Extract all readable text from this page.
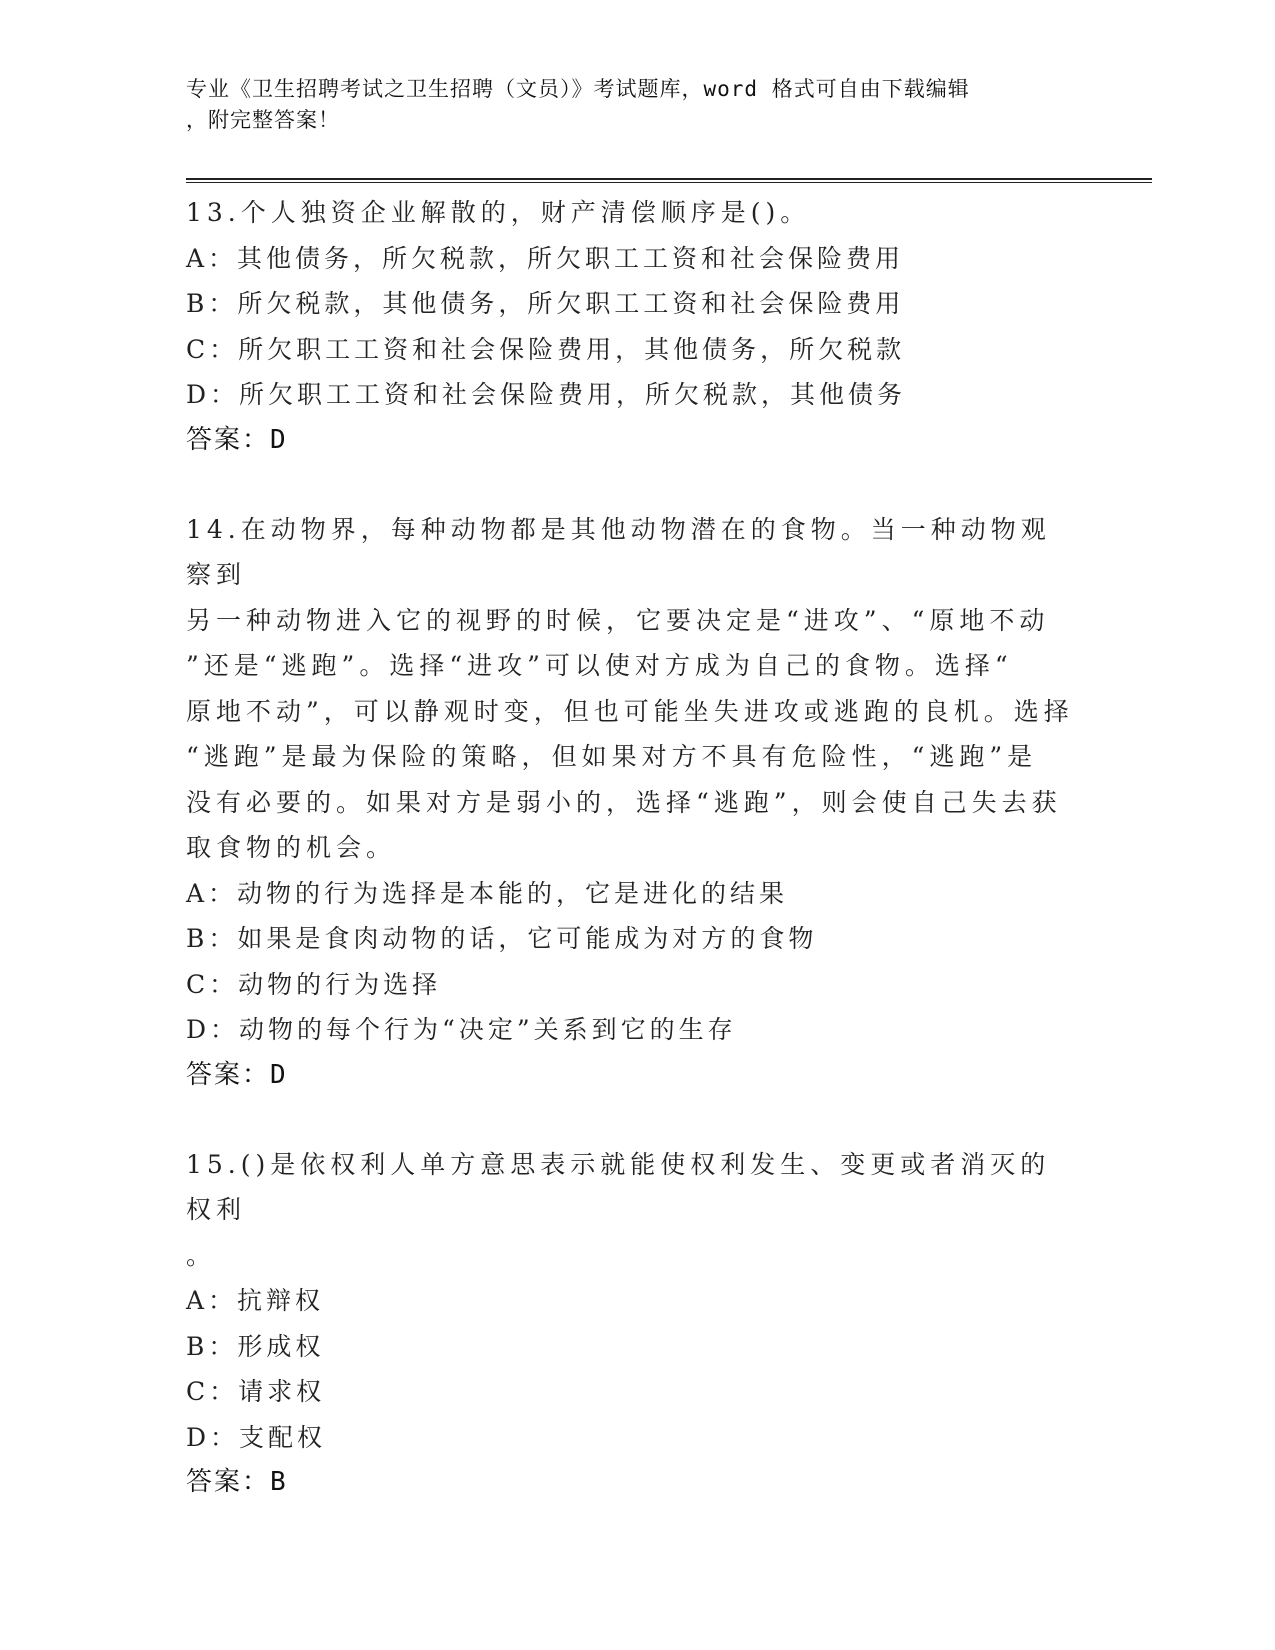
专业《卫生招聘考试之卫生招聘（文员）》考试题库，word 格式可自由下载编辑
，附完整答案！
13.个人独资企业解散的，财产清偿顺序是()。
A：其他债务，所欠税款，所欠职工工资和社会保险费用
B：所欠税款，其他债务，所欠职工工资和社会保险费用
C：所欠职工工资和社会保险费用，其他债务，所欠税款
D：所欠职工工资和社会保险费用，所欠税款，其他债务
答案：D
14.在动物界，每种动物都是其他动物潜在的食物。当一种动物观察到
另一种动物进入它的视野的时候，它要决定是“进攻”、“原地不动
”还是“逃跑”。选择“进攻”可以使对方成为自己的食物。选择“
原地不动”，可以静观时变，但也可能坐失进攻或逃跑的良机。选择
“逃跑”是最为保险的策略，但如果对方不具有危险性，“逃跑”是
没有必要的。如果对方是弱小的，选择“逃跑”，则会使自己失去获
取食物的机会。
A：动物的行为选择是本能的，它是进化的结果
B：如果是食肉动物的话，它可能成为对方的食物
C：动物的行为选择
D：动物的每个行为“决定”关系到它的生存
答案：D
15.()是依权利人单方意思表示就能使权利发生、变更或者消灭的权利
。
A：抗辩权
B：形成权
C：请求权
D：支配权
答案：B
